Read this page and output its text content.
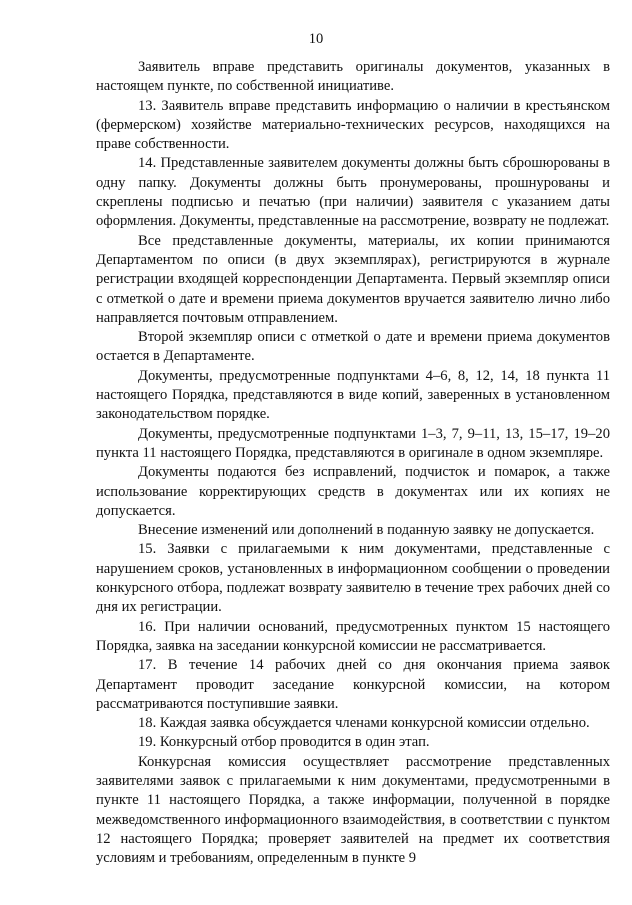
10

Заявитель вправе представить оригиналы документов, указанных в настоящем пункте, по собственной инициативе.

13. Заявитель вправе представить информацию о наличии в крестьянском (фермерском) хозяйстве материально-технических ресурсов, находящихся на праве собственности.

14. Представленные заявителем документы должны быть сброшюрованы в одну папку. Документы должны быть пронумерованы, прошнурованы и скреплены подписью и печатью (при наличии) заявителя с указанием даты оформления. Документы, представленные на рассмотрение, возврату не подлежат.

Все представленные документы, материалы, их копии принимаются Департаментом по описи (в двух экземплярах), регистрируются в журнале регистрации входящей корреспонденции Департамента. Первый экземпляр описи с отметкой о дате и времени приема документов вручается заявителю лично либо направляется почтовым отправлением.

Второй экземпляр описи с отметкой о дате и времени приема документов остается в Департаменте.

Документы, предусмотренные подпунктами 4–6, 8, 12, 14, 18 пункта 11 настоящего Порядка, представляются в виде копий, заверенных в установленном законодательством порядке.

Документы, предусмотренные подпунктами 1–3, 7, 9–11, 13, 15–17, 19–20 пункта 11 настоящего Порядка, представляются в оригинале в одном экземпляре.

Документы подаются без исправлений, подчисток и помарок, а также использование корректирующих средств в документах или их копиях не допускается.

Внесение изменений или дополнений в поданную заявку не допускается.

15. Заявки с прилагаемыми к ним документами, представленные с нарушением сроков, установленных в информационном сообщении о проведении конкурсного отбора, подлежат возврату заявителю в течение трех рабочих дней со дня их регистрации.

16. При наличии оснований, предусмотренных пунктом 15 настоящего Порядка, заявка на заседании конкурсной комиссии не рассматривается.

17. В течение 14 рабочих дней со дня окончания приема заявок Департамент проводит заседание конкурсной комиссии, на котором рассматриваются поступившие заявки.

18. Каждая заявка обсуждается членами конкурсной комиссии отдельно.

19. Конкурсный отбор проводится в один этап.

Конкурсная комиссия осуществляет рассмотрение представленных заявителями заявок с прилагаемыми к ним документами, предусмотренными в пункте 11 настоящего Порядка, а также информации, полученной в порядке межведомственного информационного взаимодействия, в соответствии с пунктом 12 настоящего Порядка; проверяет заявителей на предмет их соответствия условиям и требованиям, определенным в пункте 9
